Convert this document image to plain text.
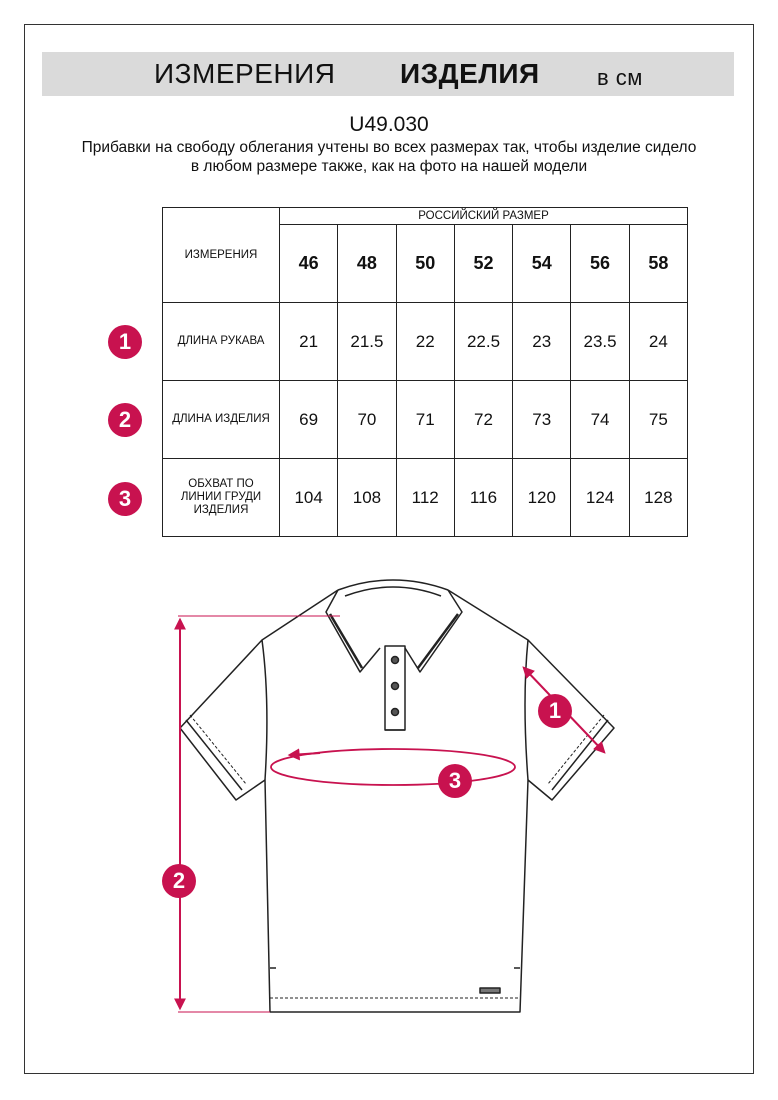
ИЗМЕРЕНИЯ ИЗДЕЛИЯ	в см
U49.030
Прибавки на свободу облегания учтены во всех размерах так, чтобы изделие сидело в любом размере также, как на фото на нашей модели
ИЗМЕРЕНИЯ	РОССИЙСКИЙ РАЗМЕР						
	46	48	50	52	54	56	58
ДЛИНА РУКАВА	21	21.5	22	22.5	23	23.5	24
ДЛИНА ИЗДЕЛИЯ	69	70	71	72	73	74	75
ОБХВАТ ПО ЛИНИИ ГРУДИ ИЗДЕЛИЯ	104	108	112	116	120	124	128
1
2
3
1
2
3
